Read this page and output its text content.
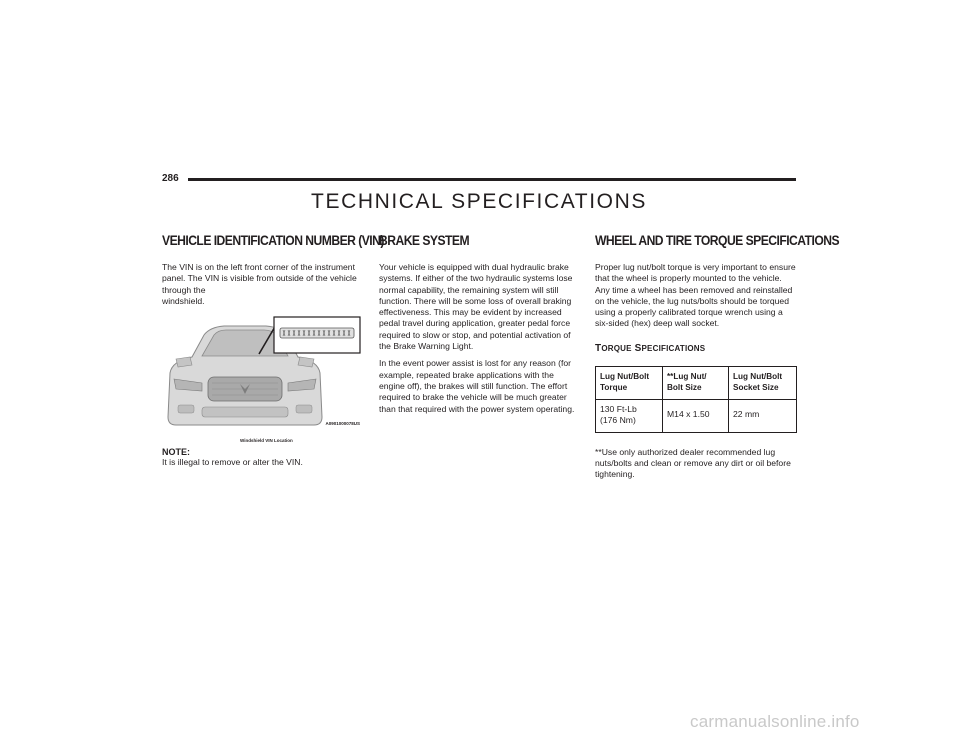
286
TECHNICAL SPECIFICATIONS
VEHICLE IDENTIFICATION NUMBER (VIN)

The VIN is on the left front corner of the instrument panel. The VIN is visible from outside of the vehicle through the
windshield.

A0901000078US
Windshield VIN Location
NOTE:

It is illegal to remove or alter the VIN.

BRAKE SYSTEM

Your vehicle is equipped with dual hydraulic brake systems. If either of the two hydraulic systems lose normal capability, the remaining system will still function. There will be some loss of overall braking effectiveness. This may be evident by increased pedal travel during application, greater pedal force required to slow or stop, and potential activation of the Brake Warning Light.

In the event power assist is lost for any reason (for example, repeated brake applications with the engine off), the brakes will still function. The effort required to brake the vehicle will be much greater than that required with the power system operating.

WHEEL AND TIRE TORQUE SPECIFICATIONS

Proper lug nut/bolt torque is very important to ensure that the wheel is properly mounted to the vehicle. Any time a wheel has been removed and reinstalled on the vehicle, the lug nuts/bolts should be torqued using a properly calibrated torque wrench using a six-sided (hex) deep wall socket.

TORQUE SPECIFICATIONS
Lug Nut/Bolt Torque	**Lug Nut/ Bolt Size	Lug Nut/Bolt Socket Size
130 Ft-Lb
(176 Nm)	M14 x 1.50	22 mm

**Use only authorized dealer recommended lug nuts/bolts and clean or remove any dirt or oil before tightening.

carmanualsonline.info
